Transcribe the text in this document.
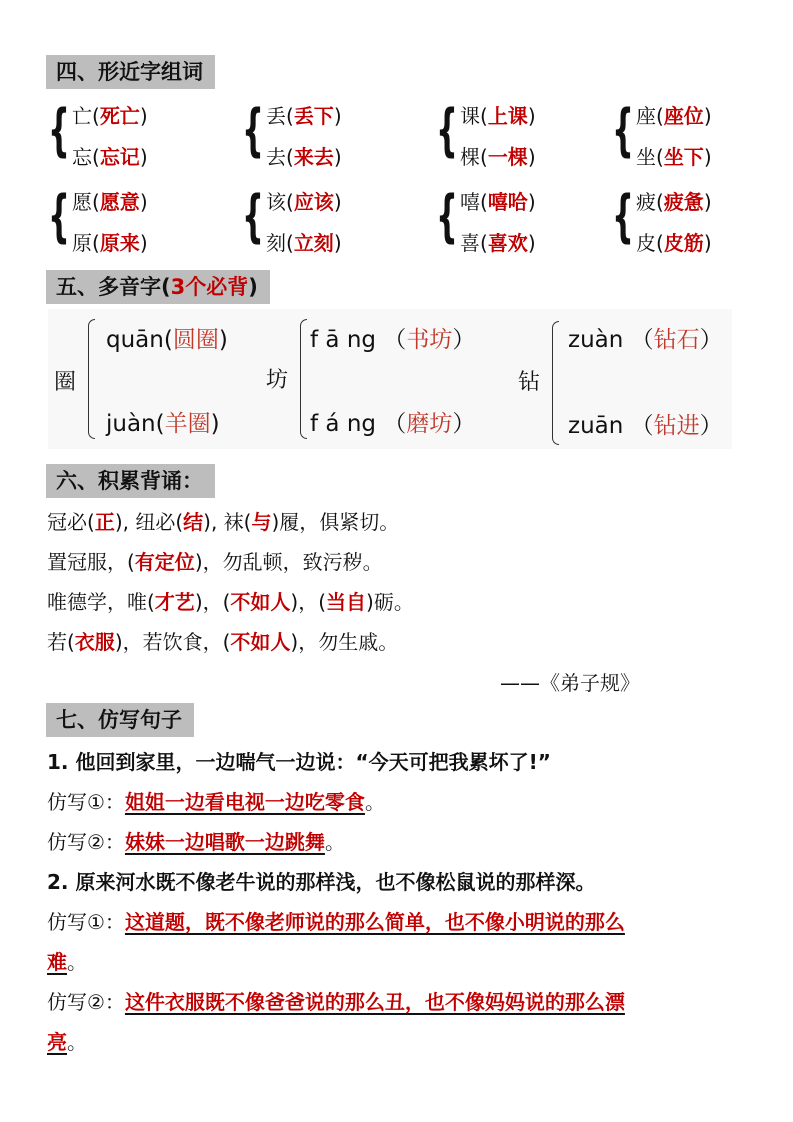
四、形近字组词
{ 亡(死亡)
忘(忘记) { 丢(丢下)
去(来去) { 课(上课)
棵(一棵) { 座(座位)
坐(坐下)
{ 愿(愿意)
原(原来) { 该(应该)
刻(立刻) { 嘻(嘻哈)
喜(喜欢) { 疲(疲惫)
皮(皮筋)
五、多音字(3个必背)
圈
quān(圆圈)
juàn(羊圈)
坊
f ā ng （书坊）
f á ng （磨坊）
钻
zuàn （钻石）
zuān （钻进）
六、积累背诵：
冠必(正), 纽必(结), 袜(与)履，俱紧切。
置冠服，(有定位)，勿乱顿，致污秽。
唯德学，唯(才艺)，(不如人)，(当自)砺。
若(衣服)，若饮食，(不如人)，勿生戚。
——《弟子规》
七、仿写句子
1. 他回到家里，一边喘气一边说：“今天可把我累坏了!”
仿写①：姐姐一边看电视一边吃零食。
仿写②：妹妹一边唱歌一边跳舞。
2. 原来河水既不像老牛说的那样浅，也不像松鼠说的那样深。
仿写①：这道题，既不像老师说的那么简单，也不像小明说的那么
难。
仿写②：这件衣服既不像爸爸说的那么丑，也不像妈妈说的那么漂
亮。
